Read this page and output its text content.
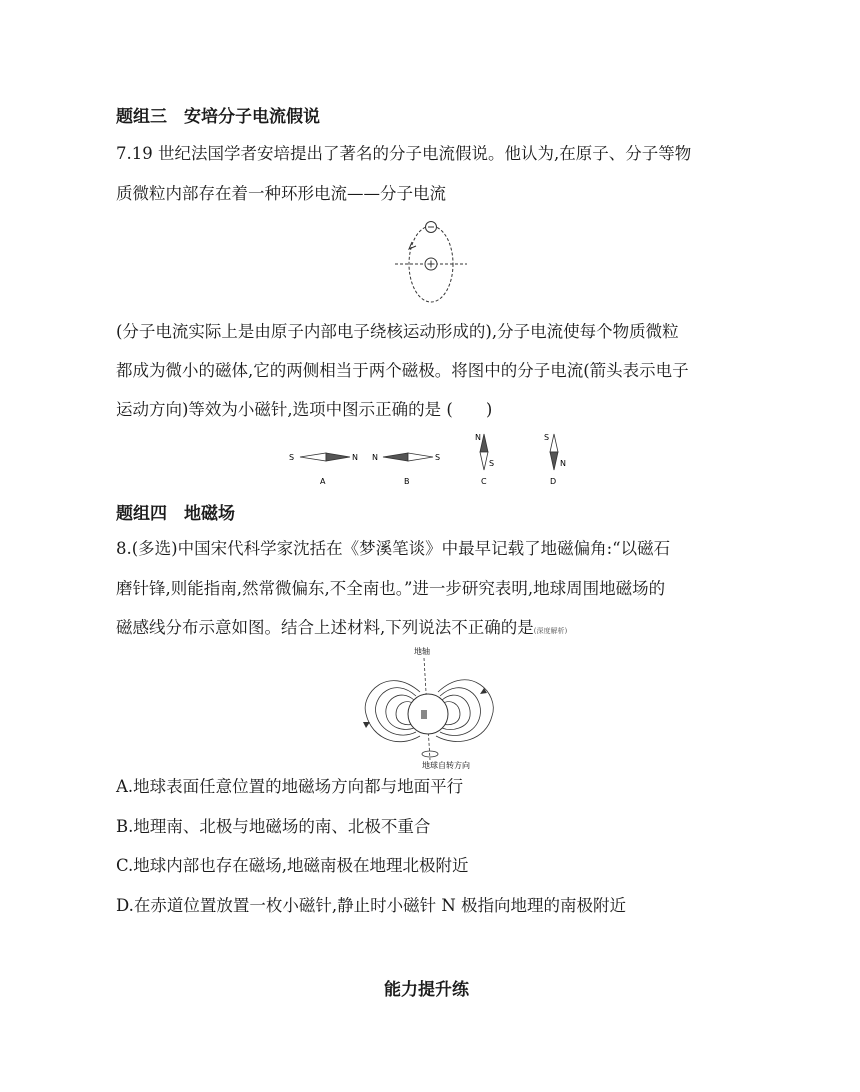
题组三　安培分子电流假说
7.19 世纪法国学者安培提出了著名的分子电流假说。他认为,在原子、分子等物
质微粒内部存在着一种环形电流——分子电流
(分子电流实际上是由原子内部电子绕核运动形成的),分子电流使每个物质微粒
都成为微小的磁体,它的两侧相当于两个磁极。将图中的分子电流(箭头表示电子
运动方向)等效为小磁针,选项中图示正确的是 (　　)
S	N
A
N	S
B
N
S
C
S
N
D
题组四　地磁场
8.(多选)中国宋代科学家沈括在《梦溪笔谈》中最早记载了地磁偏角:“以磁石
磨针锋,则能指南,然常微偏东,不全南也。”进一步研究表明,地球周围地磁场的
磁感线分布示意如图。结合上述材料,下列说法不正确的是(深度解析)
地轴
地球自转方向
A.地球表面任意位置的地磁场方向都与地面平行
B.地理南、北极与地磁场的南、北极不重合
C.地球内部也存在磁场,地磁南极在地理北极附近
D.在赤道位置放置一枚小磁针,静止时小磁针 N 极指向地理的南极附近
能力提升练
